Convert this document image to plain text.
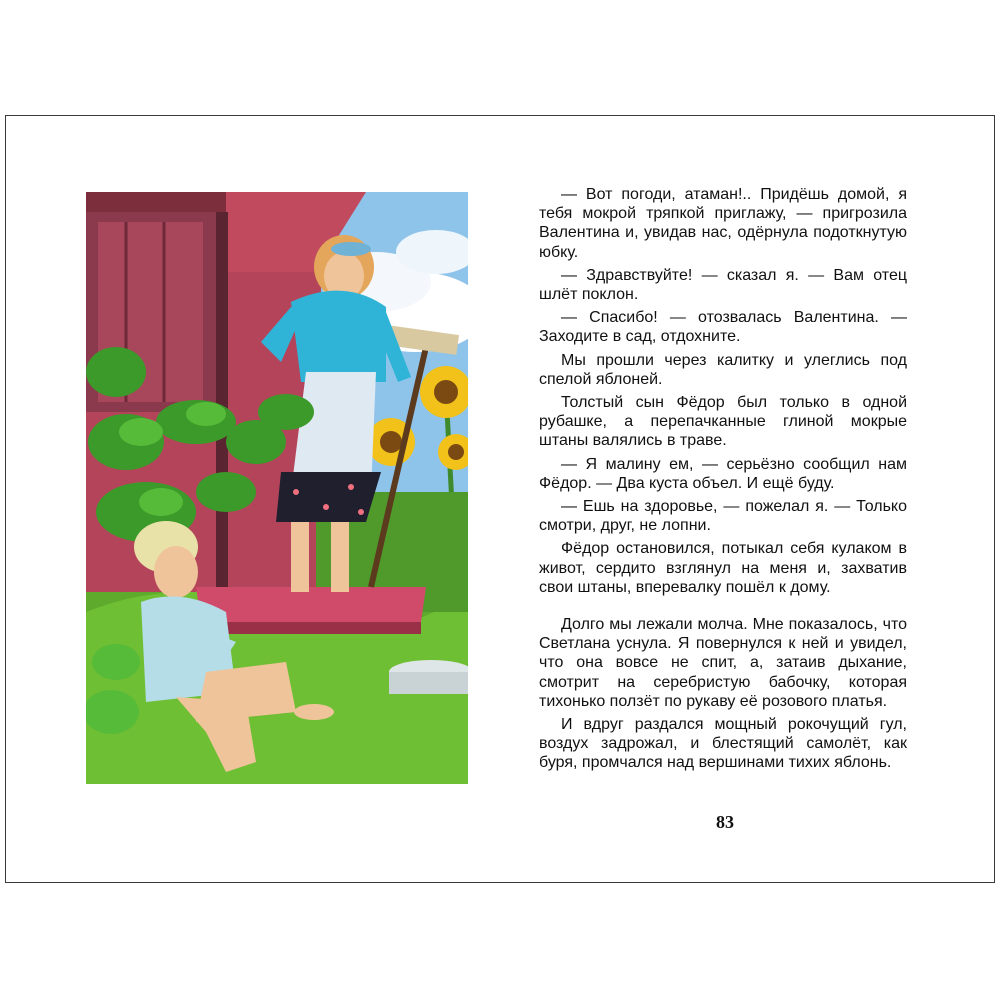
— Вот погоди, атаман!.. Придёшь домой, я тебя мокрой тряпкой приглажу, — пригрозила Валентина и, увидав нас, одёрнула подоткнутую юбку.

— Здравствуйте! — сказал я. — Вам отец шлёт поклон.

— Спасибо! — отозвалась Валентина. — Заходите в сад, отдохните.

Мы прошли через калитку и улеглись под спелой яблоней.

Толстый сын Фёдор был только в одной рубашке, а перепачканные глиной мокрые штаны валялись в траве.

— Я малину ем, — серьёзно сообщил нам Фёдор. — Два куста объел. И ещё буду.

— Ешь на здоровье, — пожелал я. — Только смотри, друг, не лопни.

Фёдор остановился, потыкал себя кулаком в живот, сердито взглянул на меня и, захватив свои штаны, вперевалку пошёл к дому.

Долго мы лежали молча. Мне показалось, что Светлана уснула. Я повернулся к ней и увидел, что она вовсе не спит, а, затаив дыхание, смотрит на серебристую бабочку, которая тихонько ползёт по рукаву её розового платья.

И вдруг раздался мощный рокочущий гул, воздух задрожал, и блестящий самолёт, как буря, промчался над вершинами тихих яблонь.

83
